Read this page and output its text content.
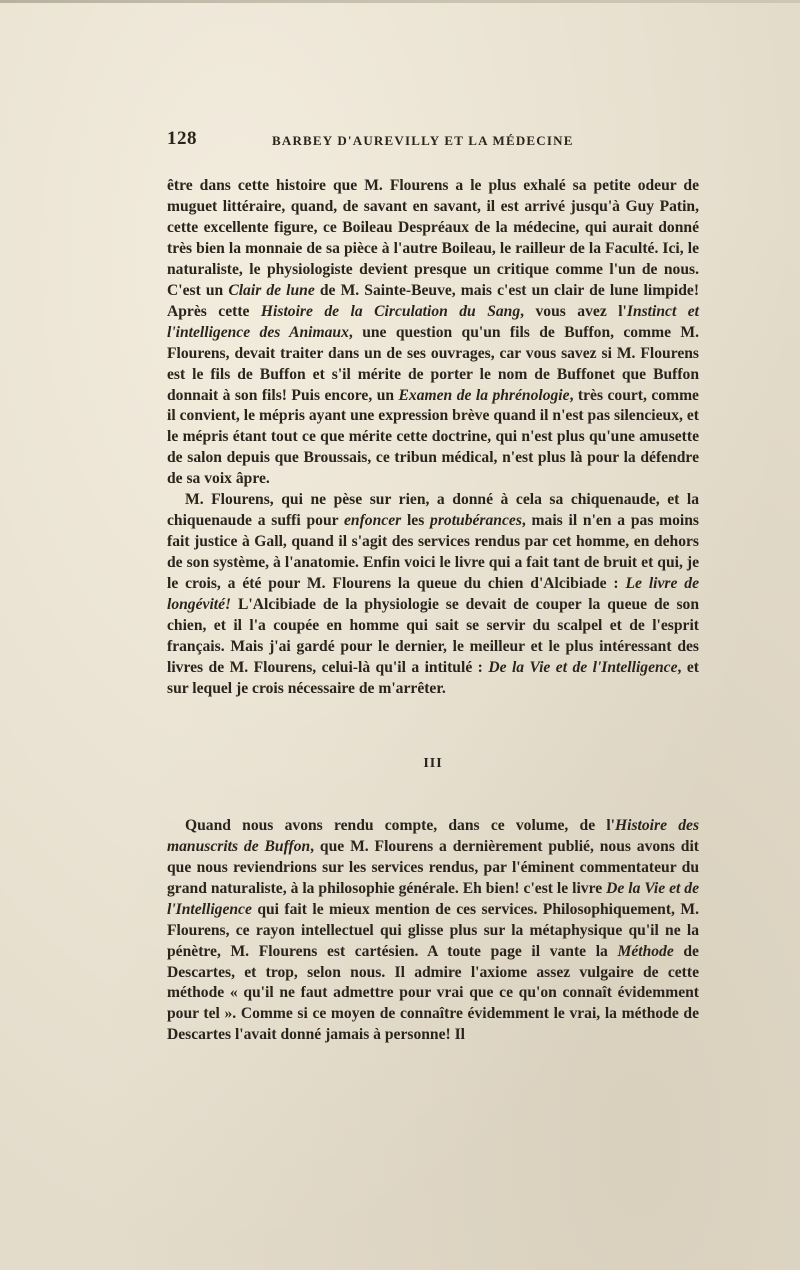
128	BARBEY D'AUREVILLY ET LA MÉDECINE

être dans cette histoire que M. Flourens a le plus exhalé sa petite odeur de muguet littéraire, quand, de savant en savant, il est arrivé jusqu'à Guy Patin, cette excellente figure, ce Boileau Despréaux de la médecine, qui aurait donné très bien la monnaie de sa pièce à l'autre Boileau, le railleur de la Faculté. Ici, le naturaliste, le physiologiste devient presque un critique comme l'un de nous. C'est un Clair de lune de M. Sainte-Beuve, mais c'est un clair de lune limpide! Après cette Histoire de la Circulation du Sang, vous avez l'Instinct et l'intelligence des Animaux, une question qu'un fils de Buffon, comme M. Flourens, devait traiter dans un de ses ouvrages, car vous savez si M. Flourens est le fils de Buffon et s'il mérite de porter le nom de Buffonet que Buffon donnait à son fils! Puis encore, un Examen de la phrénologie, très court, comme il convient, le mépris ayant une expression brève quand il n'est pas silencieux, et le mépris étant tout ce que mérite cette doctrine, qui n'est plus qu'une amusette de salon depuis que Broussais, ce tribun médical, n'est plus là pour la défendre de sa voix âpre.

M. Flourens, qui ne pèse sur rien, a donné à cela sa chiquenaude, et la chiquenaude a suffi pour enfoncer les protubérances, mais il n'en a pas moins fait justice à Gall, quand il s'agit des services rendus par cet homme, en dehors de son système, à l'anatomie. Enfin voici le livre qui a fait tant de bruit et qui, je le crois, a été pour M. Flourens la queue du chien d'Alcibiade : Le livre de longévité! L'Alcibiade de la physiologie se devait de couper la queue de son chien, et il l'a coupée en homme qui sait se servir du scalpel et de l'esprit français. Mais j'ai gardé pour le dernier, le meilleur et le plus intéressant des livres de M. Flourens, celui-là qu'il a intitulé : De la Vie et de l'Intelligence, et sur lequel je crois nécessaire de m'arrêter.

III

Quand nous avons rendu compte, dans ce volume, de l'Histoire des manuscrits de Buffon, que M. Flourens a dernièrement publié, nous avons dit que nous reviendrions sur les services rendus, par l'éminent commentateur du grand naturaliste, à la philosophie générale. Eh bien! c'est le livre De la Vie et de l'Intelligence qui fait le mieux mention de ces services. Philosophiquement, M. Flourens, ce rayon intellectuel qui glisse plus sur la métaphysique qu'il ne la pénètre, M. Flourens est cartésien. A toute page il vante la Méthode de Descartes, et trop, selon nous. Il admire l'axiome assez vulgaire de cette méthode « qu'il ne faut admettre pour vrai que ce qu'on connaît évidemment pour tel ». Comme si ce moyen de connaître évidemment le vrai, la méthode de Descartes l'avait donné jamais à personne! Il
